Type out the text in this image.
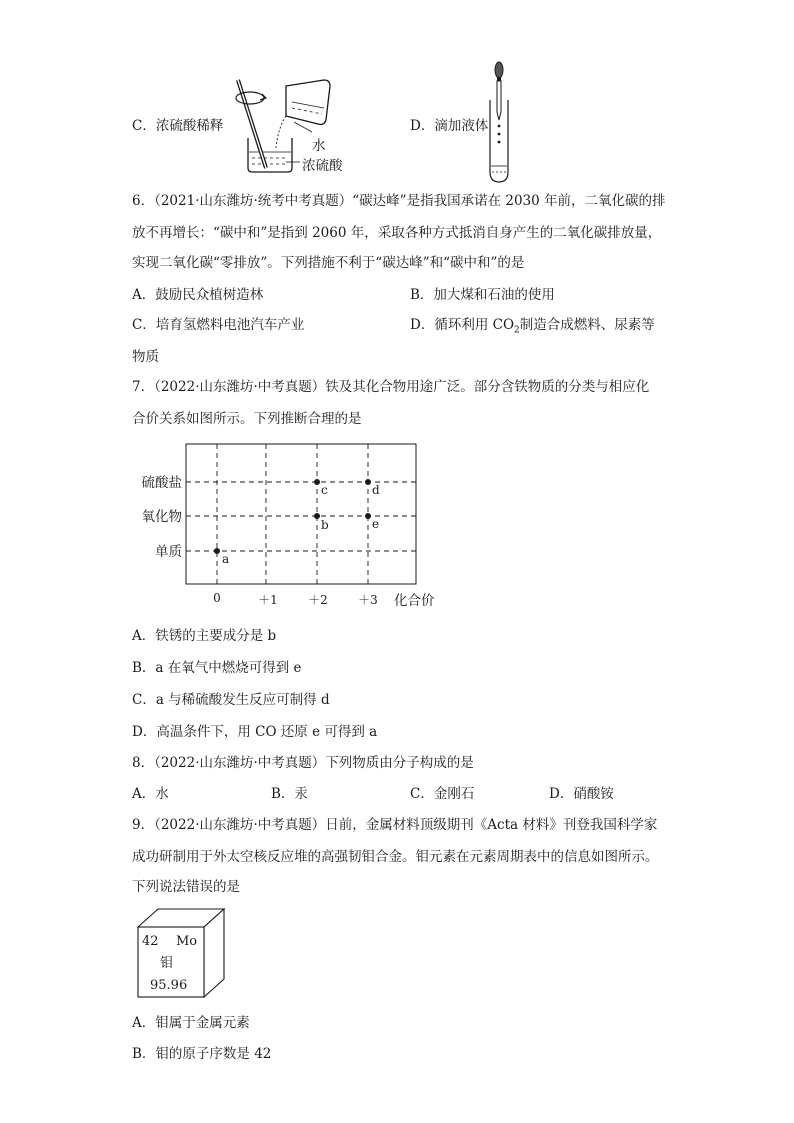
C．浓硫酸稀释
水
浓硫酸
D．滴加液体
6．（2021·山东潍坊·统考中考真题）“碳达峰”是指我国承诺在 2030 年前，二氧化碳的排
放不再增长：“碳中和”是指到 2060 年，采取各种方式抵消自身产生的二氧化碳排放量，
实现二氧化碳“零排放”。下列措施不利于“碳达峰”和“碳中和”的是
A．鼓励民众植树造林	B．加大煤和石油的使用
C．培育氢燃料电池汽车产业	D．循环利用 $CO_2$制造合成燃料、尿素等
物质
7．（2022·山东潍坊·中考真题）铁及其化合物用途广泛。部分含铁物质的分类与相应化
合价关系如图所示。下列推断合理的是
硫酸盐
氧化物
单质
0	＋1	＋2	＋3 化合价
a
b
c	d
e
A．铁锈的主要成分是 b
B．a 在氧气中燃烧可得到 e
C．a 与稀硫酸发生反应可制得 d
D．高温条件下，用 CO 还原 e 可得到 a
8．（2022·山东潍坊·中考真题）下列物质由分子构成的是
A．水	B．汞	C．金刚石	D．硝酸铵
9．（2022·山东潍坊·中考真题）日前，金属材料顶级期刊《Acta 材料》刊登我国科学家
成功研制用于外太空核反应堆的高强韧钼合金。钼元素在元素周期表中的信息如图所示。
下列说法错误的是
42 Mo
钼
95.96
A．钼属于金属元素
B．钼的原子序数是 42
